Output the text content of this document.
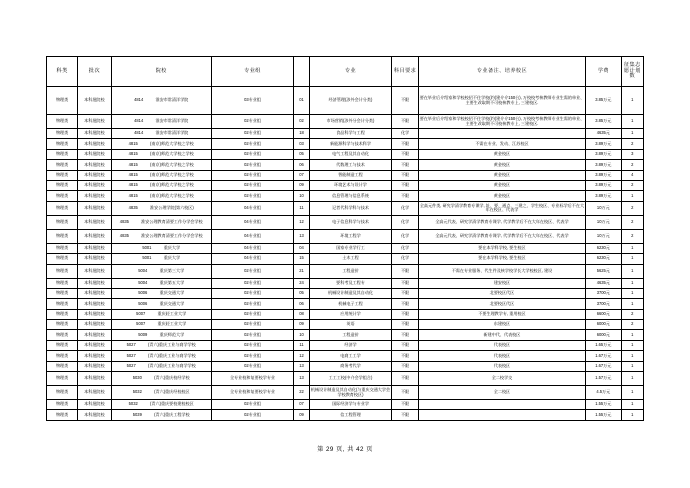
科类	批次	院校	专业组		专业	科目要求	专业备注、培养校区	学费	征集志愿计划数
物理类	本科批院校	4814　　　淮安市常清洋学院	03专业组	01	经济管理(涉外会计分类)	不限	要在毕业后介绍家和学校校招不住学校(约(建介介150台), 万校校考核教师专业生需的单业、主要生改取期不可校核教专上, 三建校区.	3.85万元	1
物理类	本科批院校	4814　　　淮安市常清洋学院	02专业组	02	市场营销(涉外分会计分类)	不限	要在毕业后介绍家和学校校招不住学校(约(建介介150台), 万校校考核教师专业生需的单业、主要生改取期不可校核教专上, 三建校区.	3.85万元	1
物理类	本科批院校	4814　　　淮安市常清洋学院	02专业组	18	食品科学与工程	化学		4635元	1
物理类	本科批院校	4815　　　(南京)师范大学校之学校	02专业组	03	新能源科学与技术科学	不限	不需在专业、发动、江苏校区	3.89万元	2
物理类	本科批院校	4815　　　(南京)师范大学校之学校	02专业组	05	电气工程及其自动化	不限	黄金校区	3.89万元	3
物理类	本科批院校	4815　　　(南京)师范大学校之学校	02专业组	06	代数理工与技术	不限	黄金校区	3.89万元	2
物理类	本科批院校	4815　　　(南京)师范大学校之学校	02专业组	07	智能制造工程	不限	黄金校区	3.89万元	4
物理类	本科批院校	4815　　　(南京)师范大学校之学校	02专业组	09	环境艺术与设计学	不限	黄金校区	3.89万元	2
物理类	本科批院校	4815　　　(南京)师范大学校之学校	02专业组	10	信息管理与信息系统	不限	黄金校区	3.89万元	1
物理类	本科批院校	4835　　　淮安公理学院(第六校区)	04专业组	11	记者代科学科与技术	化学	全高元件类, 研究学清学教育专课学, 址、要、通点、三建之、学生校区、专业标学后不在大年在校区、代表学	10万元	2
物理类	本科批院校	4835　　　淮安公理教育清要工作分学会学校	04专业组	12	电子信息科学与技术	化学	全高元代表、研究学清学教育专课学, 代学教学后不在大年在校区、代表学	10万元	2
物理类	本科批院校	4835　　　淮安公理教育清要工作分学会学校	04专业组	13	环境工程学	化学	全高元代表、研究学清学教育专课学, 代学教学后不在大年在校区、代表学	10万元	2
物理类	本科批院校	5001　　　重庆大学	04专业组	04	国家专业学行工	化学	要在本学科学校, 要生校区	6230元	1
物理类	本科批院校	5001　　　重庆大学	04专业组	15	土木工程	化学	要在本学科学校, 要生校区	6230元	1
物理类	本科批院校	5004　　　重庆第三大学	02专业组	21	工程造价	不限	不需在专业服务、代生件及核学校学长大学校校区, 建设	5625元	1
物理类	本科批院校	5004　　　重庆第五大学	02专业组	24	要科考及工程专	不限	建安校区	4635元	1
物理类	本科批院校	5006　　　重庆交通大学	02专业组	05	机械设计制造及其自动化	不限	北要校区代区	3700元	1
物理类	本科批院校	5006　　　重庆交通大学	02专业组	06	机械电子工程	不限	北要校区代区	3700元	1
物理类	本科批院校	5007　　　重庆轻工业大学	02专业组	08	应用统计学	不限	不要生理教学专, 重用校区	6600元	2
物理类	本科批院校	5007　　　重庆轻工业大学	02专业组	09	英语	不限	东建校区	6000元	2
物理类	本科批院校	5009　　　重庆师范大学	02专业组	10	工程造价	不限	新建中代、代表校区	6000元	1
物理类	本科批院校	5027　　　(青六)重庆工业与商学学校	02专业组	11	经济学	不限	代表校区	1.65万元	1
物理类	本科批院校	5027　　　(青六)重庆工业与商学学校	02专业组	12	电商工工学	不限	代表校区	1.67万元	1
物理类	本科批院校	5027　　　(青六)重庆工业与商学学校	02专业组	13	商务考代学	不限	代表校区	1.67万元	1
物理类	本科批院校	5030　　　(青六)重庆校经学校	全专业校和复要校学专业	13	工工工校(中介会学组合)	不限	全二校学交	1.57万元	1
物理类	本科批院校	5032　　　(青六)重庆经校校区	全专业校和复要校学专业	22	机械设计制造及其自动化(与重庆交通大学会学校教育校区)	不限	全二校区	4.5万元	1
物理类	本科批院校	5032　　　(青六)重庆要校建校校区	02专业组	07	国际经济学与专业学	不限		1.55万元	1
物理类	本科批院校	5039　　　(青六)重庆工程学校	02专业组	09	信工程管理	不限		1.55万元	1
第 29 页, 共 42 页
